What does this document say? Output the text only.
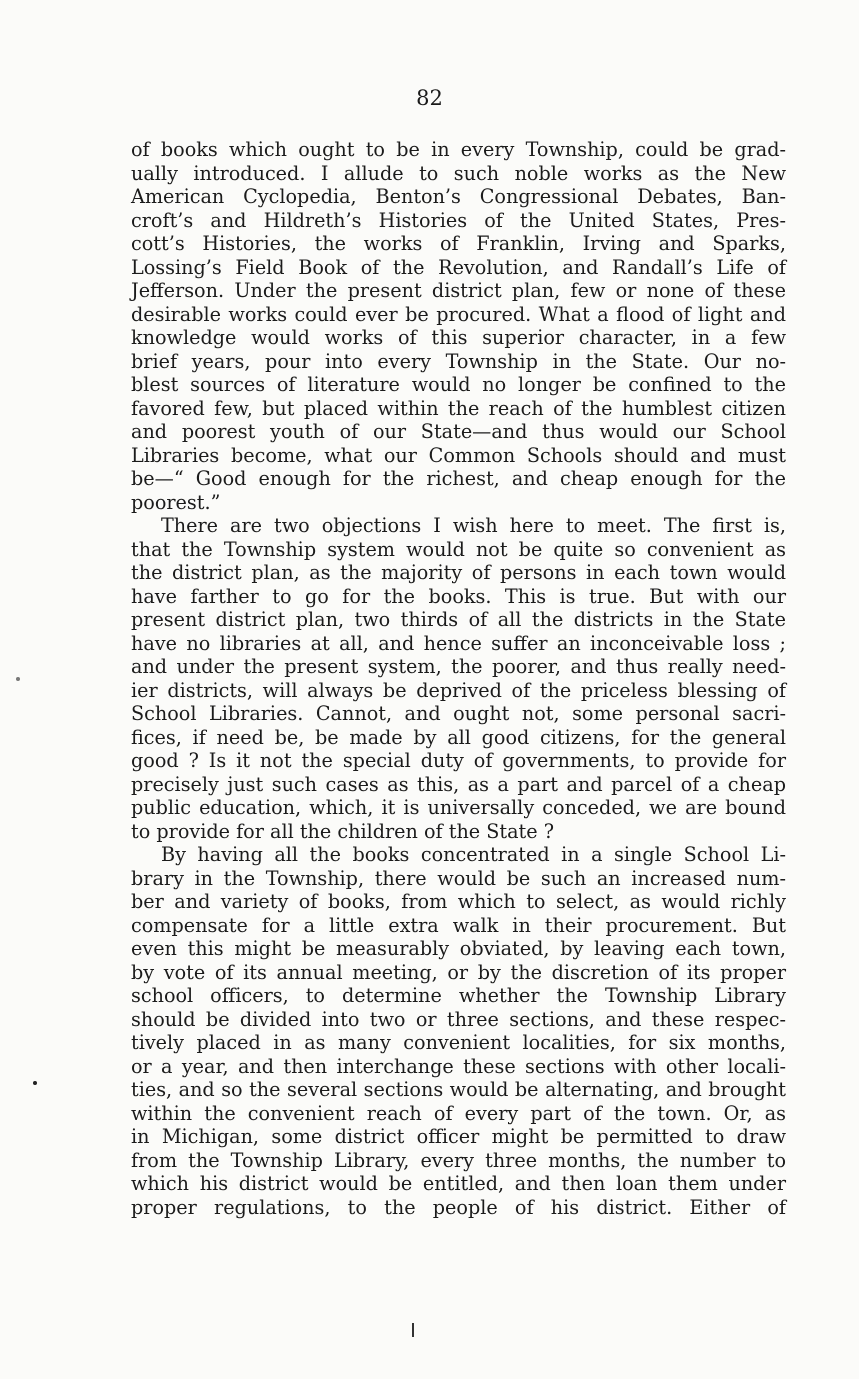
82
of books which ought to be in every Township, could be grad-
ually introduced. I allude to such noble works as the New
American Cyclopedia, Benton’s Congressional Debates, Ban-
croft’s and Hildreth’s Histories of the United States, Pres-
cott’s Histories, the works of Franklin, Irving and Sparks,
Lossing’s Field Book of the Revolution, and Randall’s Life of
Jefferson. Under the present district plan, few or none of these
desirable works could ever be procured. What a flood of light and
knowledge would works of this superior character, in a few
brief years, pour into every Township in the State. Our no-
blest sources of literature would no longer be confined to the
favored few, but placed within the reach of the humblest citizen
and poorest youth of our State—and thus would our School
Libraries become, what our Common Schools should and must
be—“ Good enough for the richest, and cheap enough for the
poorest.”
There are two objections I wish here to meet. The first is,
that the Township system would not be quite so convenient as
the district plan, as the majority of persons in each town would
have farther to go for the books. This is true. But with our
present district plan, two thirds of all the districts in the State
have no libraries at all, and hence suffer an inconceivable loss ;
and under the present system, the poorer, and thus really need-
ier districts, will always be deprived of the priceless blessing of
School Libraries. Cannot, and ought not, some personal sacri-
fices, if need be, be made by all good citizens, for the general
good ? Is it not the special duty of governments, to provide for
precisely just such cases as this, as a part and parcel of a cheap
public education, which, it is universally conceded, we are bound
to provide for all the children of the State ?
By having all the books concentrated in a single School Li-
brary in the Township, there would be such an increased num-
ber and variety of books, from which to select, as would richly
compensate for a little extra walk in their procurement. But
even this might be measurably obviated, by leaving each town,
by vote of its annual meeting, or by the discretion of its proper
school officers, to determine whether the Township Library
should be divided into two or three sections, and these respec-
tively placed in as many convenient localities, for six months,
or a year, and then interchange these sections with other locali-
ties, and so the several sections would be alternating, and brought
within the convenient reach of every part of the town. Or, as
in Michigan, some district officer might be permitted to draw
from the Township Library, every three months, the number to
which his district would be entitled, and then loan them under
proper regulations, to the people of his district. Either of
